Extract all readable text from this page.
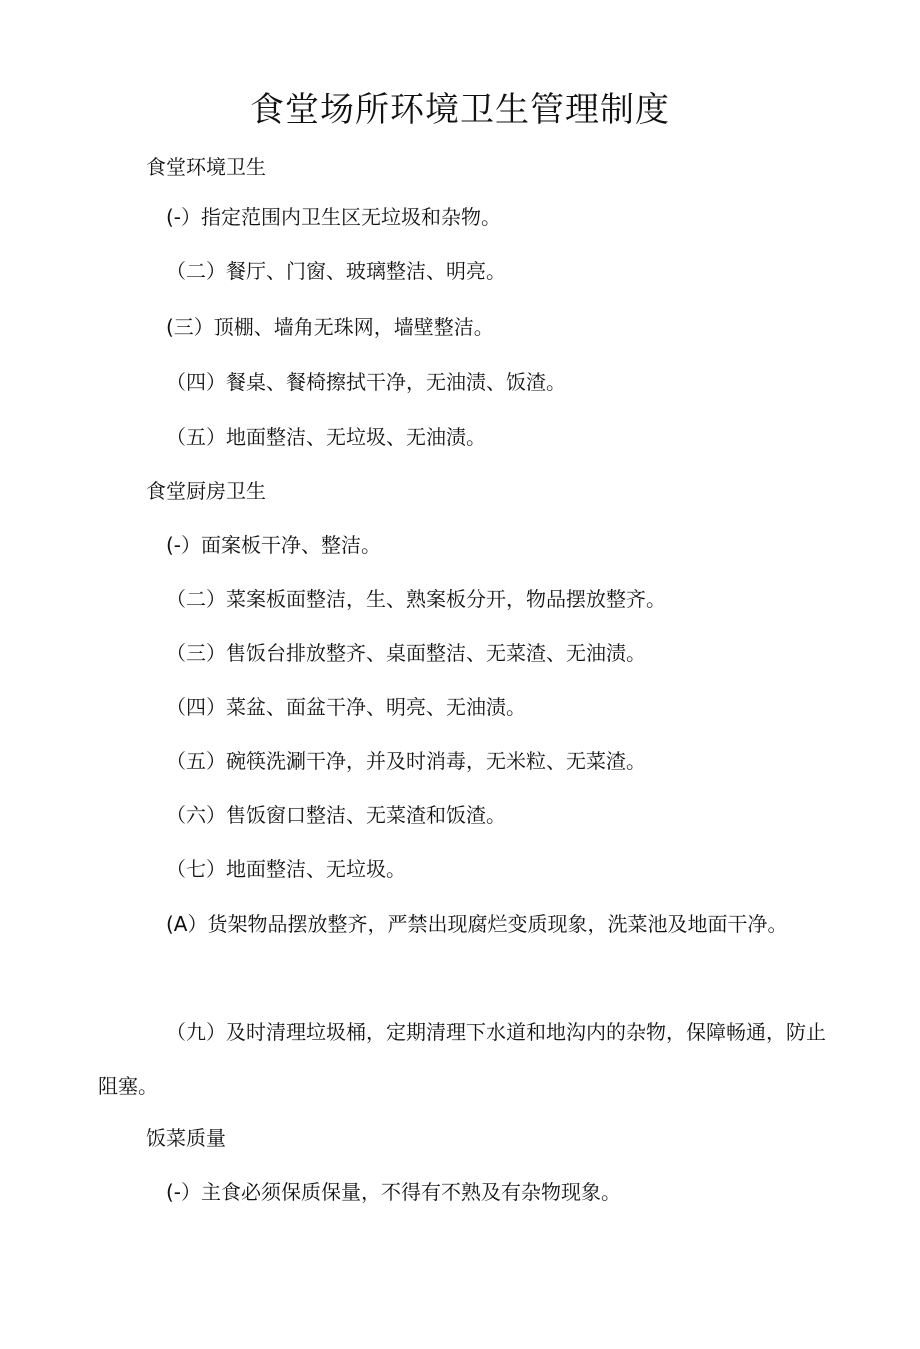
食堂场所环境卫生管理制度
食堂环境卫生
(-）指定范围内卫生区无垃圾和杂物。
（二）餐厅、门窗、玻璃整洁、明亮。
(三）顶棚、墙角无珠网，墙壁整洁。
（四）餐桌、餐椅擦拭干净，无油渍、饭渣。
（五）地面整洁、无垃圾、无油渍。
食堂厨房卫生
(-）面案板干净、整洁。
（二）菜案板面整洁，生、熟案板分开，物品摆放整齐。
（三）售饭台排放整齐、桌面整洁、无菜渣、无油渍。
（四）菜盆、面盆干净、明亮、无油渍。
（五）碗筷洗涮干净，并及时消毒，无米粒、无菜渣。
（六）售饭窗口整洁、无菜渣和饭渣。
（七）地面整洁、无垃圾。
(A）货架物品摆放整齐，严禁出现腐烂变质现象，洗菜池及地面干净。
（九）及时清理垃圾桶，定期清理下水道和地沟内的杂物，保障畅通，防止阻塞。
饭菜质量
(-）主食必须保质保量，不得有不熟及有杂物现象。
